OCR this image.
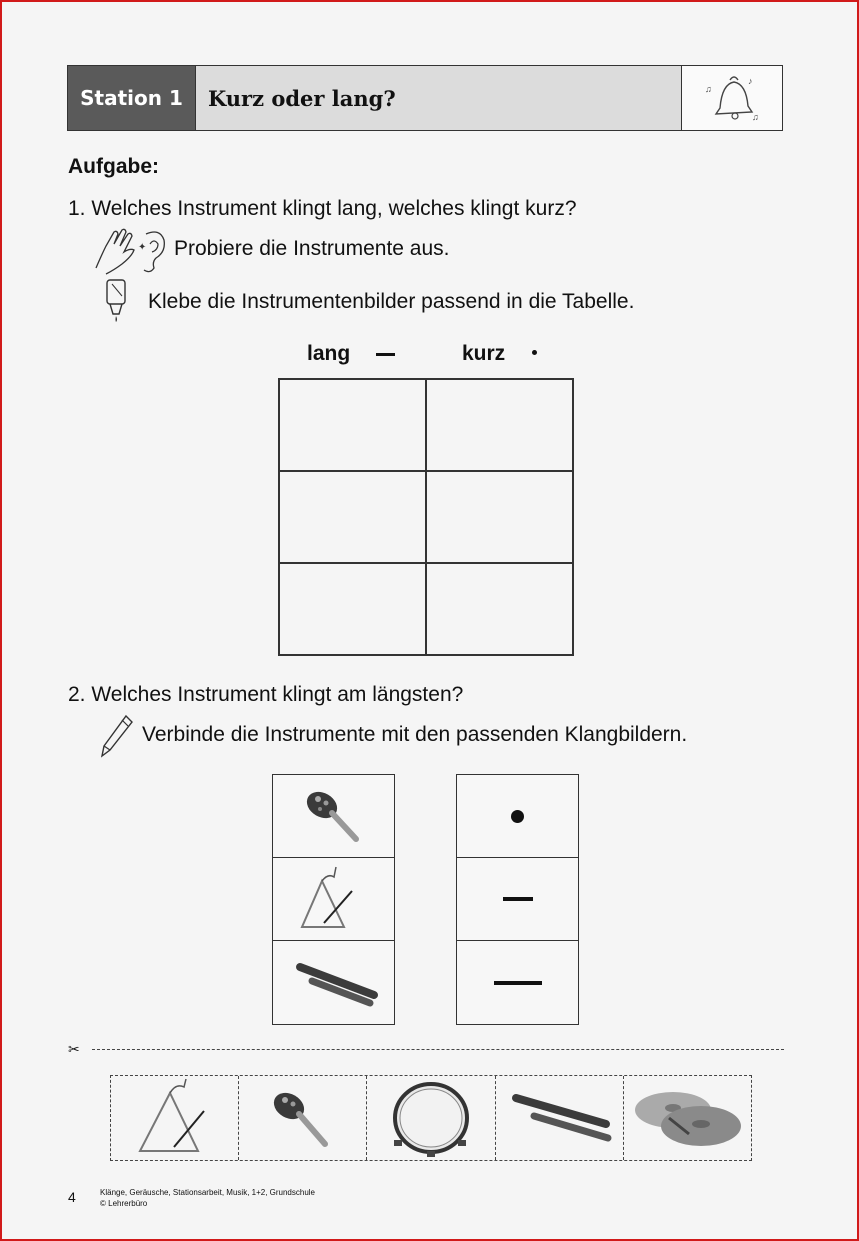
Station 1	Kurz oder lang?	♫
♪
♫
Aufgabe:
1. Welches Instrument klingt lang, welches klingt kurz?
✦ Probiere die Instrumente aus.
Klebe die Instrumentenbilder passend in die Tabelle.
lang	kurz
2. Welches Instrument klingt am längsten?
Verbinde die Instrumente mit den passenden Klangbildern.
✂
4	Klänge, Geräusche, Stationsarbeit, Musik, 1+2, Grundschule
© Lehrerbüro
